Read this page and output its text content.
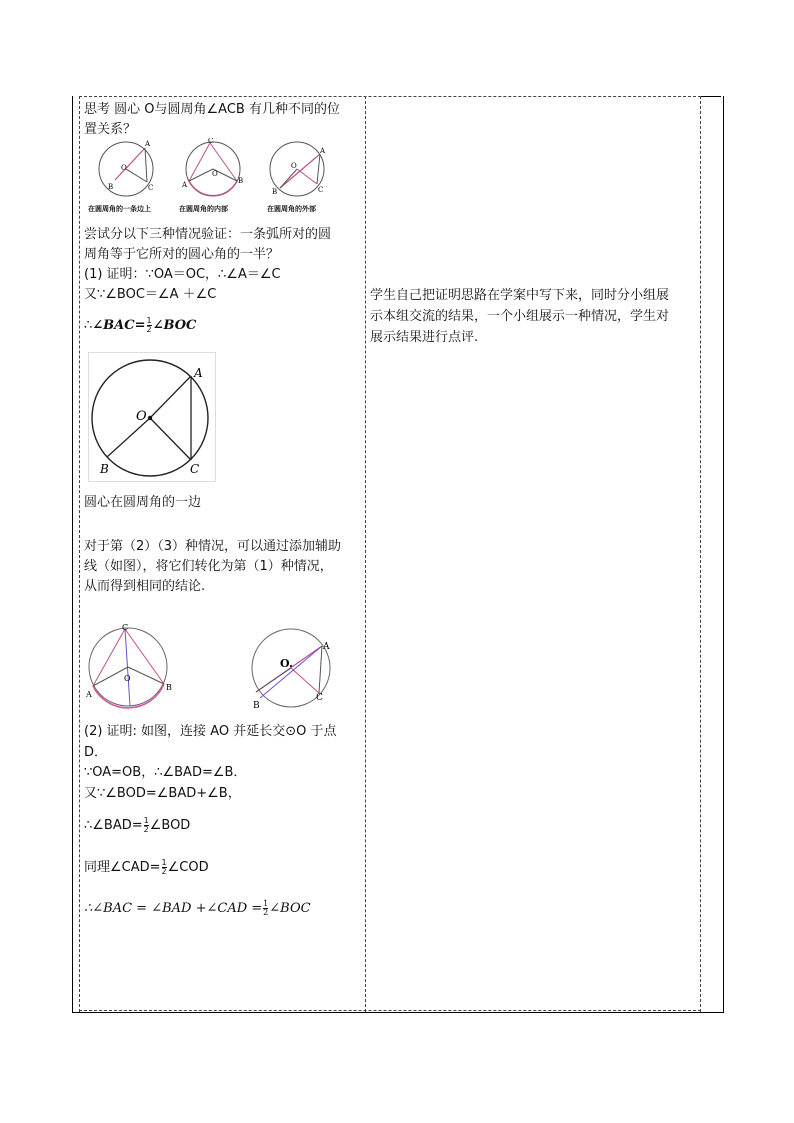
思考 圆心 O与圆周角∠ACB 有几种不同的位
置关系？
O
A
B	C
C
O
A	B
O
A
B	C
在圆周角的一条边上	在圆周角的内部	在圆周角的外部
尝试分以下三种情况验证：一条弧所对的圆
周角等于它所对的圆心角的一半？
(1) 证明：∵OA＝OC，∴∠A＝∠C
又∵∠BOC＝∠A ＋∠C
∴∠BAC= $\frac{1}{2}$ ∠BOC
O
A
B	C
圆心在圆周角的一边
对于第（2）（3）种情况，可以通过添加辅助
线（如图），将它们转化为第（1）种情况，
从而得到相同的结论.
C
O
A
B
O.
A
B
C
(2) 证明: 如图，连接 AO 并延长交⊙O 于点
D．
∵OA=OB，∴∠BAD=∠B．
又∵∠BOD=∠BAD+∠B，
∴∠BAD= $\frac{1}{2}$ ∠BOD
同理∠CAD= $\frac{1}{2}$ ∠COD
∴∠BAC = ∠BAD +∠CAD = $\frac{1}{2}$ ∠BOC
学生自己把证明思路在学案中写下来，同时分小组展
示本组交流的结果，一个小组展示一种情况，学生对
展示结果进行点评.
